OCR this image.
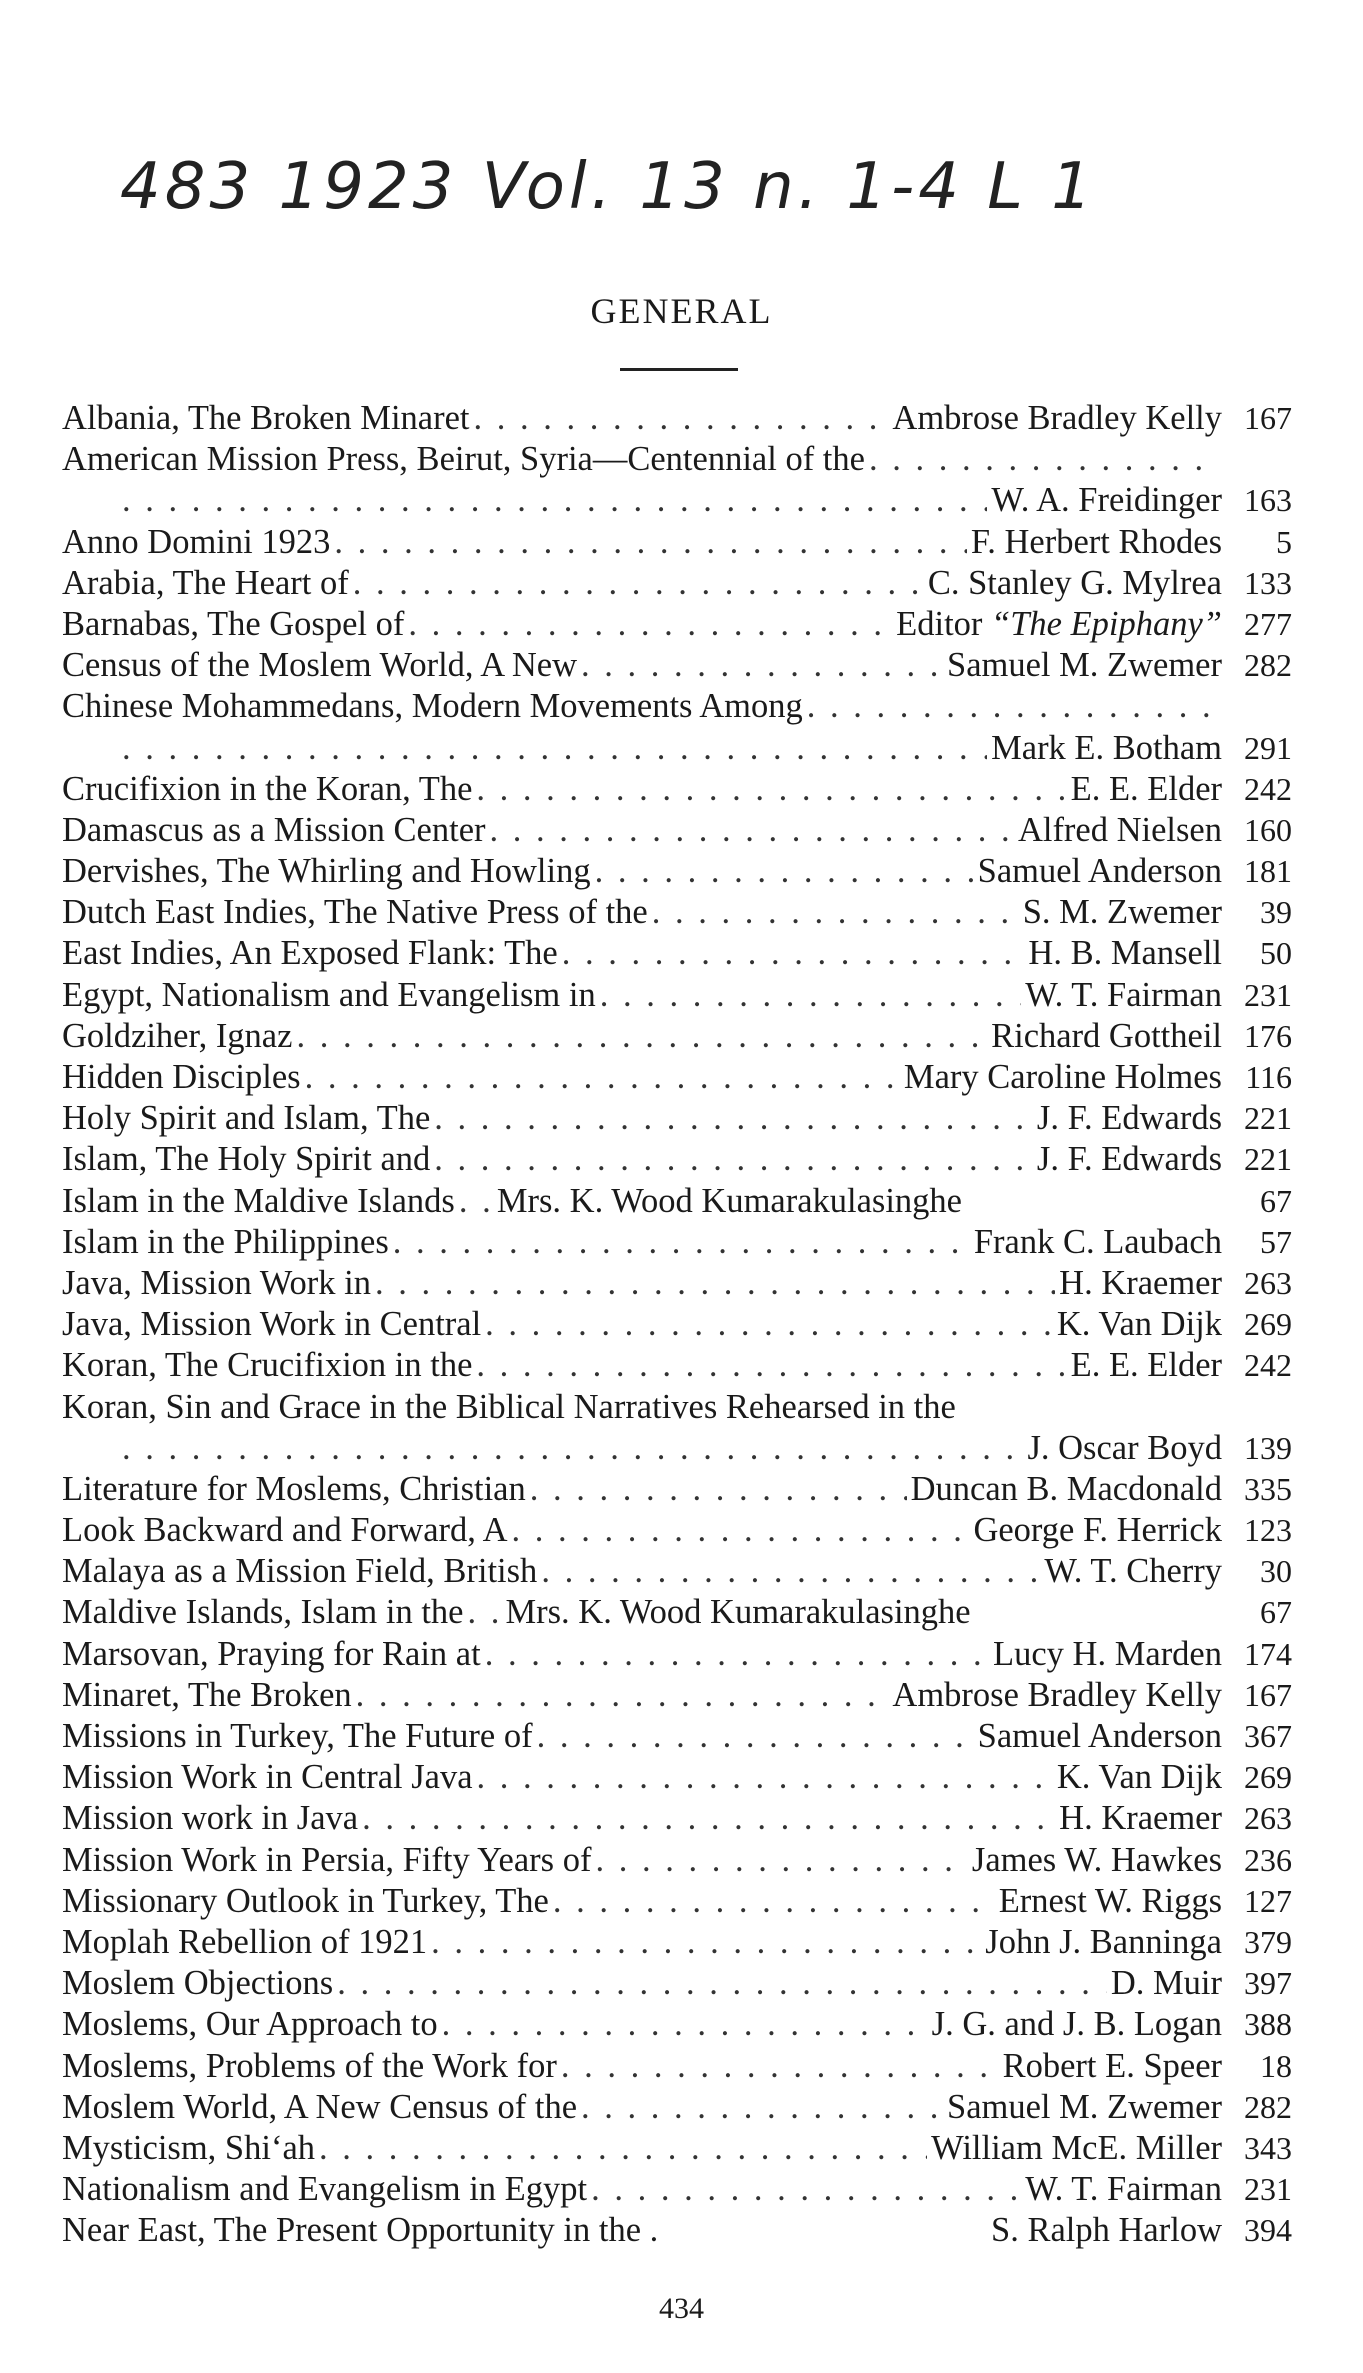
483 1923 Vol. 13 n. 1-4 L 1
GENERAL
Albania, The Broken Minaret . . .	Ambrose Bradley Kelly 167
American Mission Press, Beirut, Syria—Centennial of the
. . .
. . .
W. A. Freidinger 163
Anno Domini 1923 . . .	F. Herbert Rhodes	5
Arabia, The Heart of . . .	C. Stanley G. Mylrea 133
Barnabas, The Gospel of . . .	Editor “The Epiphany” 277
Census of the Moslem World, A New . . .	Samuel M. Zwemer 282
Chinese Mohammedans, Modern Movements Among
. . .
. . .
Mark E. Botham 291
Crucifixion in the Koran, The . . .	E. E. Elder 242
Damascus as a Mission Center . . .	Alfred Nielsen 160
Dervishes, The Whirling and Howling . . .	Samuel Anderson 181
Dutch East Indies, The Native Press of the . . .	S. M. Zwemer	39
East Indies, An Exposed Flank: The . . .	H. B. Mansell	50
Egypt, Nationalism and Evangelism in . . .	W. T. Fairman 231
Goldziher, Ignaz . . .	Richard Gottheil 176
Hidden Disciples . . .	Mary Caroline Holmes 116
Holy Spirit and Islam, The . . .	J. F. Edwards 221
Islam, The Holy Spirit and . . .	J. F. Edwards 221
Islam in the Maldive Islands . . . Mrs. K. Wood Kumarakulasinghe	67
Islam in the Philippines . . .	Frank C. Laubach	57
Java, Mission Work in . . .	H. Kraemer 263
Java, Mission Work in Central . . .	K. Van Dijk 269
Koran, The Crucifixion in the . . .	E. E. Elder 242
Koran, Sin and Grace in the Biblical Narratives Rehearsed in the
. . .
J. Oscar Boyd 139
Literature for Moslems, Christian . . .	Duncan B. Macdonald 335
Look Backward and Forward, A . . .	George F. Herrick 123
Malaya as a Mission Field, British . . .	W. T. Cherry	30
Maldive Islands, Islam in the . . . Mrs. K. Wood Kumarakulasinghe	67
Marsovan, Praying for Rain at . . .	Lucy H. Marden 174
Minaret, The Broken . . .	Ambrose Bradley Kelly 167
Missions in Turkey, The Future of . . .	Samuel Anderson 367
Mission Work in Central Java . . .	K. Van Dijk 269
Mission work in Java . . .	H. Kraemer 263
Mission Work in Persia, Fifty Years of . . .	James W. Hawkes 236
Missionary Outlook in Turkey, The . . .	Ernest W. Riggs 127
Moplah Rebellion of 1921 . . .	John J. Banninga 379
Moslem Objections . . .	D. Muir 397
Moslems, Our Approach to . . .	J. G. and J. B. Logan 388
Moslems, Problems of the Work for . . .	Robert E. Speer	18
Moslem World, A New Census of the . . .	Samuel M. Zwemer 282
Mysticism, Shi‘ah . . .	William McE. Miller 343
Nationalism and Evangelism in Egypt . . .	W. T. Fairman 231
Near East, The Present Opportunity in the .	S. Ralph Harlow 394
434
